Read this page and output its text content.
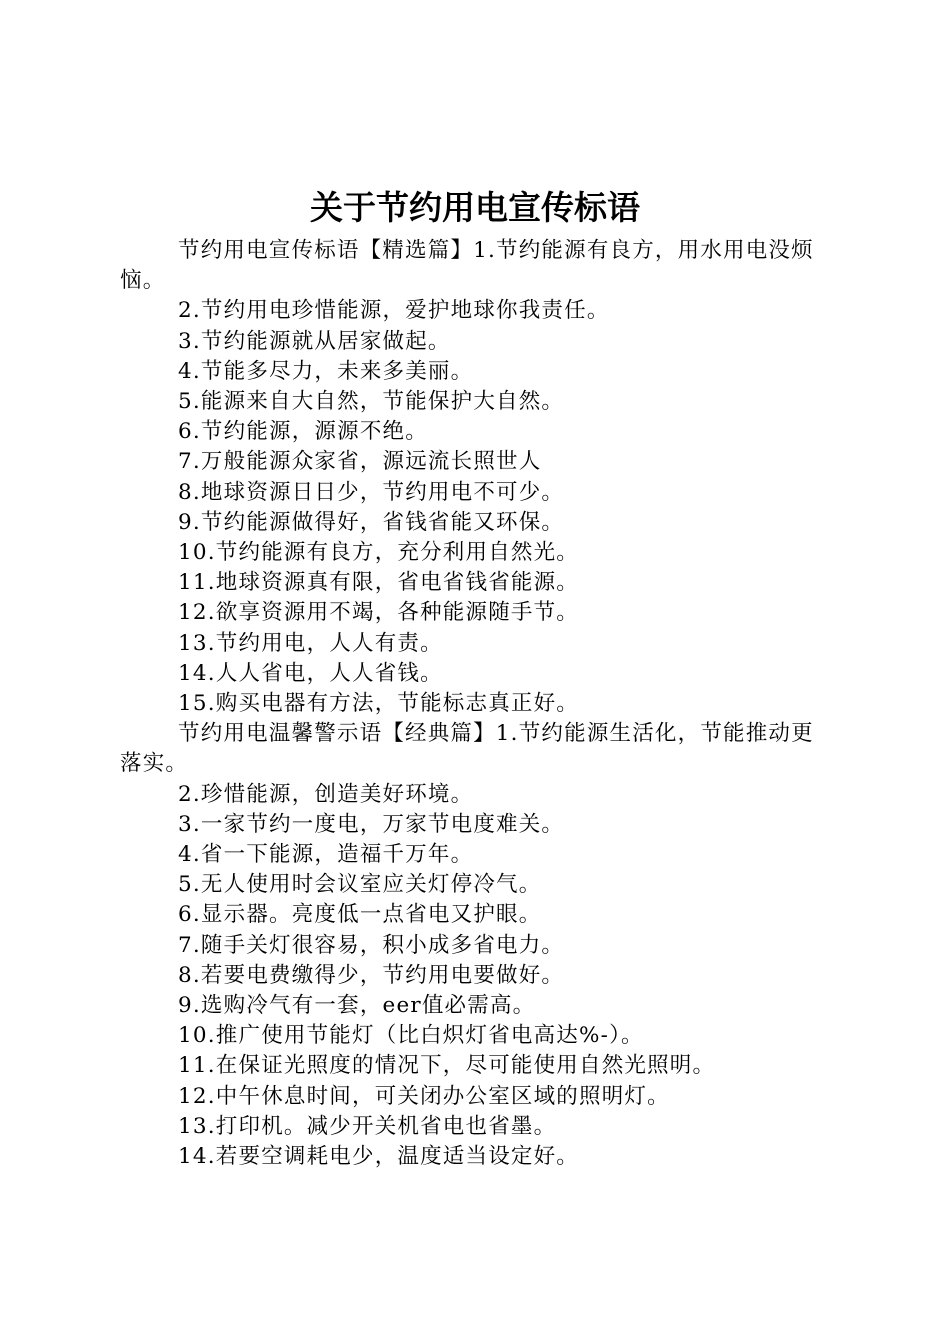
关于节约用电宣传标语

节约用电宣传标语【精选篇】1.节约能源有良方，用水用电没烦恼。

2.节约用电珍惜能源，爱护地球你我责任。

3.节约能源就从居家做起。

4.节能多尽力，未来多美丽。

5.能源来自大自然，节能保护大自然。

6.节约能源，源源不绝。

7.万般能源众家省，源远流长照世人

8.地球资源日日少，节约用电不可少。

9.节约能源做得好，省钱省能又环保。

10.节约能源有良方，充分利用自然光。

11.地球资源真有限，省电省钱省能源。

12.欲享资源用不竭，各种能源随手节。

13.节约用电，人人有责。

14.人人省电，人人省钱。

15.购买电器有方法，节能标志真正好。

节约用电温馨警示语【经典篇】1.节约能源生活化，节能推动更落实。

2.珍惜能源，创造美好环境。

3.一家节约一度电，万家节电度难关。

4.省一下能源，造福千万年。

5.无人使用时会议室应关灯停冷气。

6.显示器。亮度低一点省电又护眼。

7.随手关灯很容易，积小成多省电力。

8.若要电费缴得少，节约用电要做好。

9.选购冷气有一套，eer值必需高。

10.推广使用节能灯（比白炽灯省电高达%-）。

11.在保证光照度的情况下，尽可能使用自然光照明。

12.中午休息时间，可关闭办公室区域的照明灯。

13.打印机。减少开关机省电也省墨。

14.若要空调耗电少，温度适当设定好。
